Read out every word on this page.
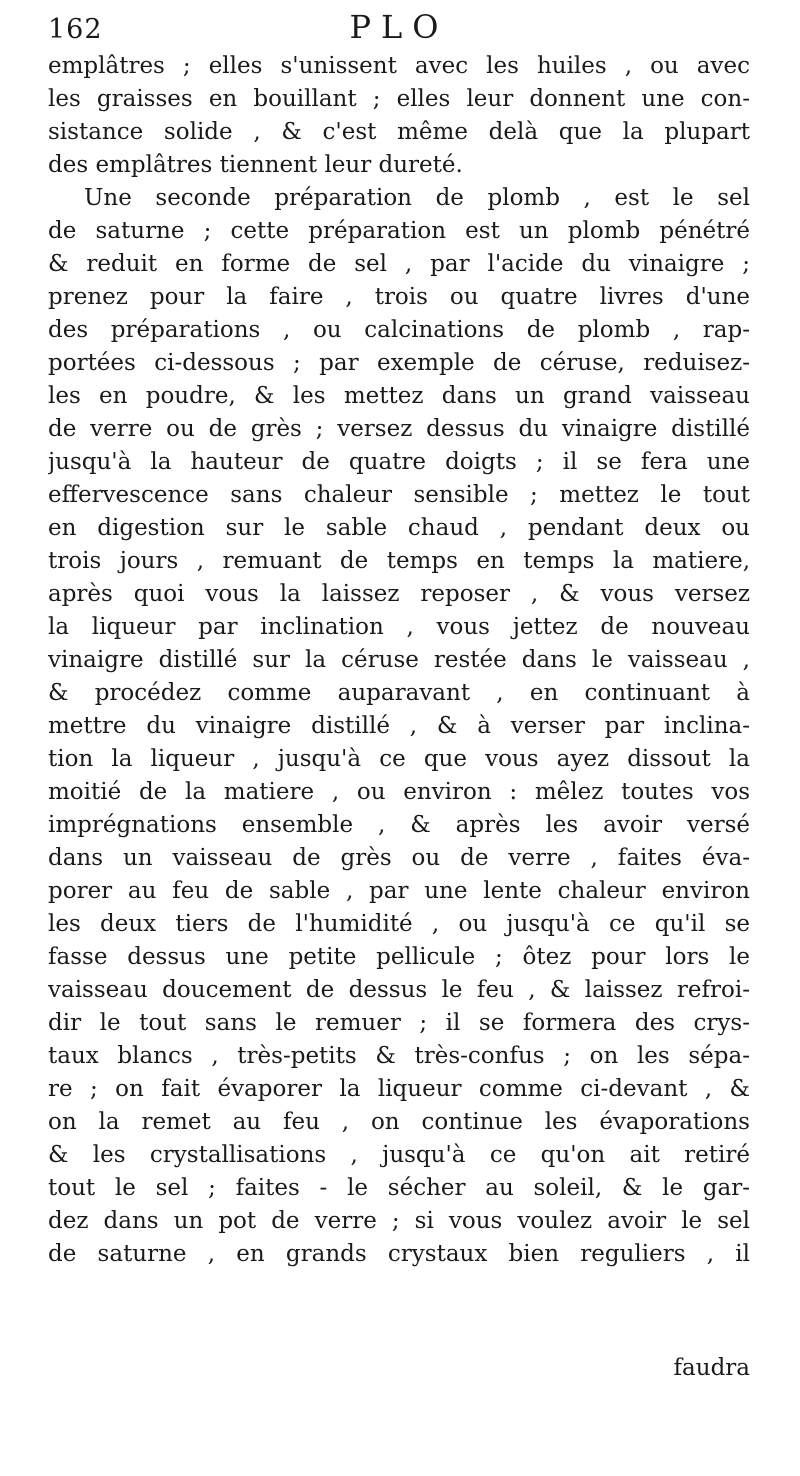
162	PLO
emplâtres ; elles s'unissent avec les huiles , ou avec
les graisses en bouillant ; elles leur donnent une con-
sistance solide , & c'est même delà que la plupart
des emplâtres tiennent leur dureté.
Une seconde préparation de plomb , est le sel
de saturne ; cette préparation est un plomb pénétré
& reduit en forme de sel , par l'acide du vinaigre ;
prenez pour la faire , trois ou quatre livres d'une
des préparations , ou calcinations de plomb , rap-
portées ci-dessous ; par exemple de céruse, reduisez-
les en poudre, & les mettez dans un grand vaisseau
de verre ou de grès ; versez dessus du vinaigre distillé
jusqu'à la hauteur de quatre doigts ; il se fera une
effervescence sans chaleur sensible ; mettez le tout
en digestion sur le sable chaud , pendant deux ou
trois jours , remuant de temps en temps la matiere,
après quoi vous la laissez reposer , & vous versez
la liqueur par inclination , vous jettez de nouveau
vinaigre distillé sur la céruse restée dans le vaisseau ,
& procédez comme auparavant , en continuant à
mettre du vinaigre distillé , & à verser par inclina-
tion la liqueur , jusqu'à ce que vous ayez dissout la
moitié de la matiere , ou environ : mêlez toutes vos
imprégnations ensemble , & après les avoir versé
dans un vaisseau de grès ou de verre , faites éva-
porer au feu de sable , par une lente chaleur environ
les deux tiers de l'humidité , ou jusqu'à ce qu'il se
fasse dessus une petite pellicule ; ôtez pour lors le
vaisseau doucement de dessus le feu , & laissez refroi-
dir le tout sans le remuer ; il se formera des crys-
taux blancs , très-petits & très-confus ; on les sépa-
re ; on fait évaporer la liqueur comme ci-devant , &
on la remet au feu , on continue les évaporations
& les crystallisations , jusqu'à ce qu'on ait retiré
tout le sel ; faites - le sécher au soleil, & le gar-
dez dans un pot de verre ; si vous voulez avoir le sel
de saturne , en grands crystaux bien reguliers , il
faudra
